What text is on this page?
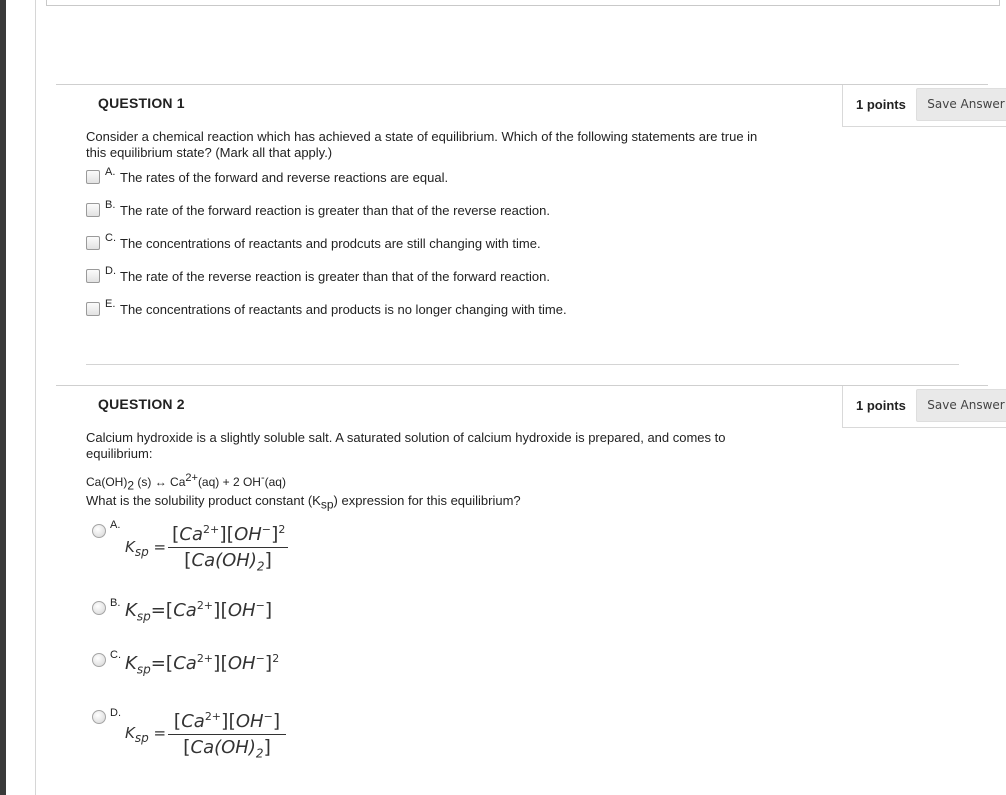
QUESTION 1	1 points	Save Answer
Consider a chemical reaction which has achieved a state of equilibrium. Which of the following statements are true in this equilibrium state? (Mark all that apply.)
A. The rates of the forward and reverse reactions are equal.
B. The rate of the forward reaction is greater than that of the reverse reaction.
C. The concentrations of reactants and prodcuts are still changing with time.
D. The rate of the reverse reaction is greater than that of the forward reaction.
E. The concentrations of reactants and products is no longer changing with time.
QUESTION 2	1 points	Save Answer
Calcium hydroxide is a slightly soluble salt. A saturated solution of calcium hydroxide is prepared, and comes to equilibrium:
Ca(OH)2 (s) ↔ Ca2+(aq) + 2 OH-(aq)
What is the solubility product constant (Ksp) expression for this equilibrium?
A.
$K_{sp}$ =
$[Ca^{2+}][OH^-]^2$
$[Ca(OH)_2]$
B. $K_{sp}=[Ca^{2+}][OH^-]$
C. $K_{sp}=[Ca^{2+}][OH^-]^2$
D.
$K_{sp}$ =
$[Ca^{2+}][OH^-]$
$[Ca(OH)_2]$
